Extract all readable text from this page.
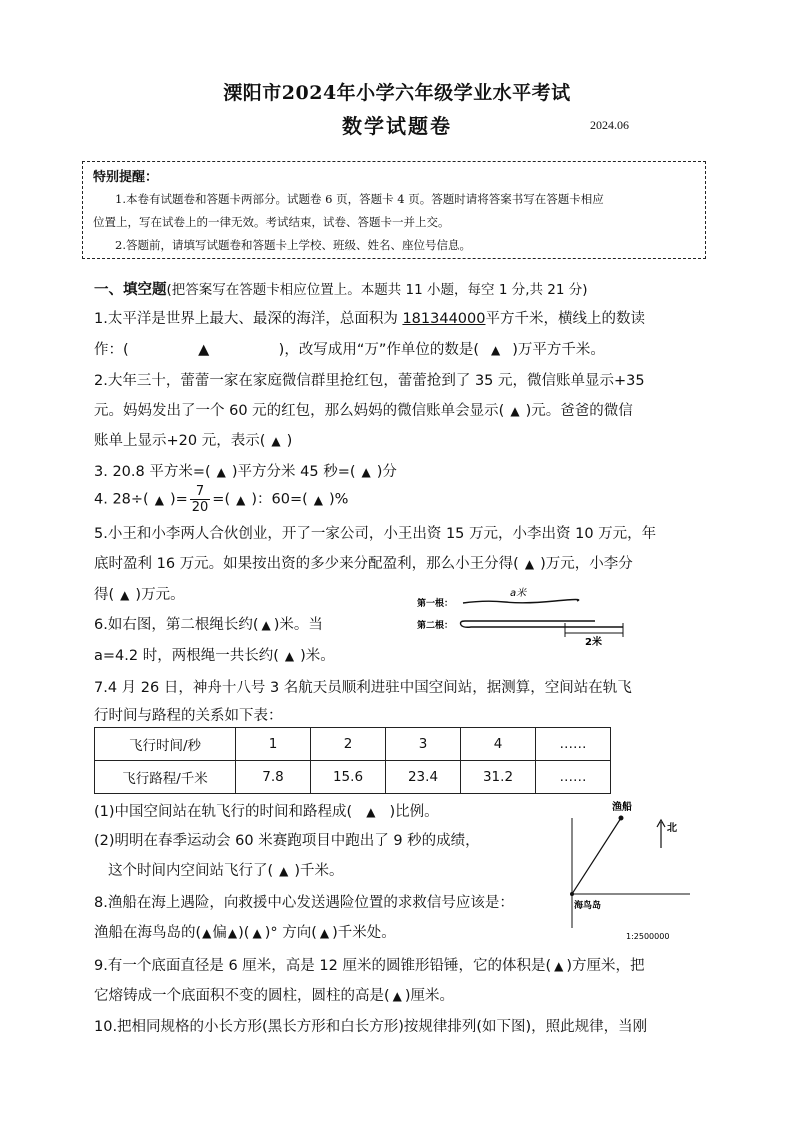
溧阳市2024年小学六年级学业水平考试
数学试题卷	2024.06
特别提醒：

1.本卷有试题卷和答题卡两部分。试题卷 6 页，答题卡 4 页。答题时请将答案书写在答题卡相应

位置上，写在试卷上的一律无效。考试结束，试卷、答题卡一并上交。

2.答题前，请填写试题卷和答题卡上学校、班级、姓名、座位号信息。

一、填空题(把答案写在答题卡相应位置上。本题共 11 小题，每空 1 分,共 21 分)
1.太平洋是世界上最大、最深的海洋，总面积为 181344000平方千米，横线上的数读
作：(	▲	)，改写成用“万”作单位的数是( ▲ )万平方千米。
2.大年三十，蕾蕾一家在家庭微信群里抢红包，蕾蕾抢到了 35 元，微信账单显示+35
元。妈妈发出了一个 60 元的红包，那么妈妈的微信账单会显示( ▲ )元。爸爸的微信
账单上显示+20 元，表示( ▲ )
3. 20.8 平方米=( ▲ )平方分米 45 秒=( ▲ )分
4. 28÷( ▲ )= $\frac{7}{20}$ =( ▲ )：60=( ▲ )%
5.小王和小李两人合伙创业，开了一家公司，小王出资 15 万元，小李出资 10 万元，年
底时盈利 16 万元。如果按出资的多少来分配盈利，那么小王分得( ▲ )万元，小李分
得( ▲ )万元。
6.如右图，第二根绳长约( ▲ )米。当
a=4.2 时，两根绳一共长约( ▲ )米。
第一根：
第二根：
a米
2米
7.4 月 26 日，神舟十八号 3 名航天员顺利进驻中国空间站，据测算，空间站在轨飞
行时间与路程的关系如下表：
飞行时间/秒	1	2	3	4	……
飞行路程/千米	7.8	15.6	23.4	31.2	……
(1)中国空间站在轨飞行的时间和路程成( ▲ )比例。
(2)明明在春季运动会 60 米赛跑项目中跑出了 9 秒的成绩，
这个时间内空间站飞行了( ▲ )千米。
8.渔船在海上遇险，向救援中心发送遇险位置的求救信号应该是：
渔船在海鸟岛的(▲偏▲)( ▲ )° 方向( ▲ )千米处。
渔船
北
海鸟岛
1:2500000
9.有一个底面直径是 6 厘米，高是 12 厘米的圆锥形铅锤，它的体积是( ▲ )方厘米，把
它熔铸成一个底面积不变的圆柱，圆柱的高是( ▲ )厘米。
10.把相同规格的小长方形(黑长方形和白长方形)按规律排列(如下图)，照此规律，当刚
